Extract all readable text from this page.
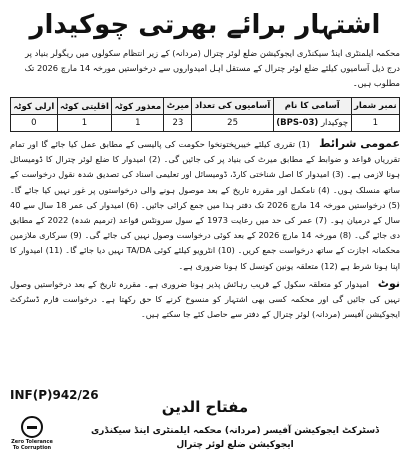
اشتہار برائے بھرتی چوکیدار
محکمہ ایلمنٹری اینڈ سیکنڈری ایجوکیشن ضلع لوئر چترال (مردانہ) کے زیر انتظام سکولوں میں ریگولر بنیاد پر درج ذیل آسامیوں کیلئے ضلع لوئر چترال کے مستقل اہل امیدواروں سے درخواستیں مورخہ 14 مارچ 2026 تک مطلوب ہیں۔
نمبر شمار	آسامی کا نام	آسامیوں کی تعداد	میرٹ	معذور کوٹہ	اقلیتی کوٹہ	ارلی کوٹہ
1	چوکیدار (BPS-03)	25	23	1	1	0
عمومی شرائط (1) تقرری کیلئے خیبرپختونخوا حکومت کی پالیسی کے مطابق عمل کیا جائے گا اور تمام تقرریاں قواعد و ضوابط کے مطابق میرٹ کی بنیاد پر کی جائیں گی۔ (2) امیدوار کا ضلع لوئر چترال کا ڈومیسائل ہونا لازمی ہے۔ (3) امیدوار کا اصل شناختی کارڈ، ڈومیسائل اور تعلیمی اسناد کی تصدیق شدہ نقول درخواست کے ساتھ منسلک ہوں۔ (4) نامکمل اور مقررہ تاریخ کے بعد موصول ہونے والی درخواستوں پر غور نہیں کیا جائے گا۔ (5) درخواستیں مورخہ 14 مارچ 2026 تک دفتر ہذا میں جمع کرائی جائیں۔ (6) امیدوار کی عمر 18 سال سے 40 سال کے درمیان ہو۔ (7) عمر کی حد میں رعایت 1973 کے سول سرونٹس قواعد (ترمیم شدہ) 2022 کے مطابق دی جائے گی۔ (8) مورخہ 14 مارچ 2026 کے بعد کوئی درخواست وصول نہیں کی جائے گی۔ (9) سرکاری ملازمین محکمانہ اجازت کے ساتھ درخواست جمع کریں۔ (10) انٹرویو کیلئے کوئی TA/DA نہیں دیا جائے گا۔ (11) امیدوار کا اپنا ہونا شرط ہے (12) متعلقہ یونین کونسل کا ہونا ضروری ہے۔
نوٹ امیدوار کو متعلقہ سکول کے قریب رہائش پذیر ہونا ضروری ہے۔ مقررہ تاریخ کے بعد درخواستیں وصول نہیں کی جائیں گی اور محکمہ کسی بھی اشتہار کو منسوخ کرنے کا حق رکھتا ہے۔ درخواست فارم ڈسٹرکٹ ایجوکیشن آفیسر (مردانہ) لوئر چترال کے دفتر سے حاصل کئے جا سکتے ہیں۔
INF(P)942/26
مفتاح الدین
ڈسٹرکٹ ایجوکیشن آفیسر (مردانہ) محکمہ ایلمنٹری اینڈ سیکنڈری ایجوکیشن ضلع لوئر چترال
Zero Tolerance To Corruption
